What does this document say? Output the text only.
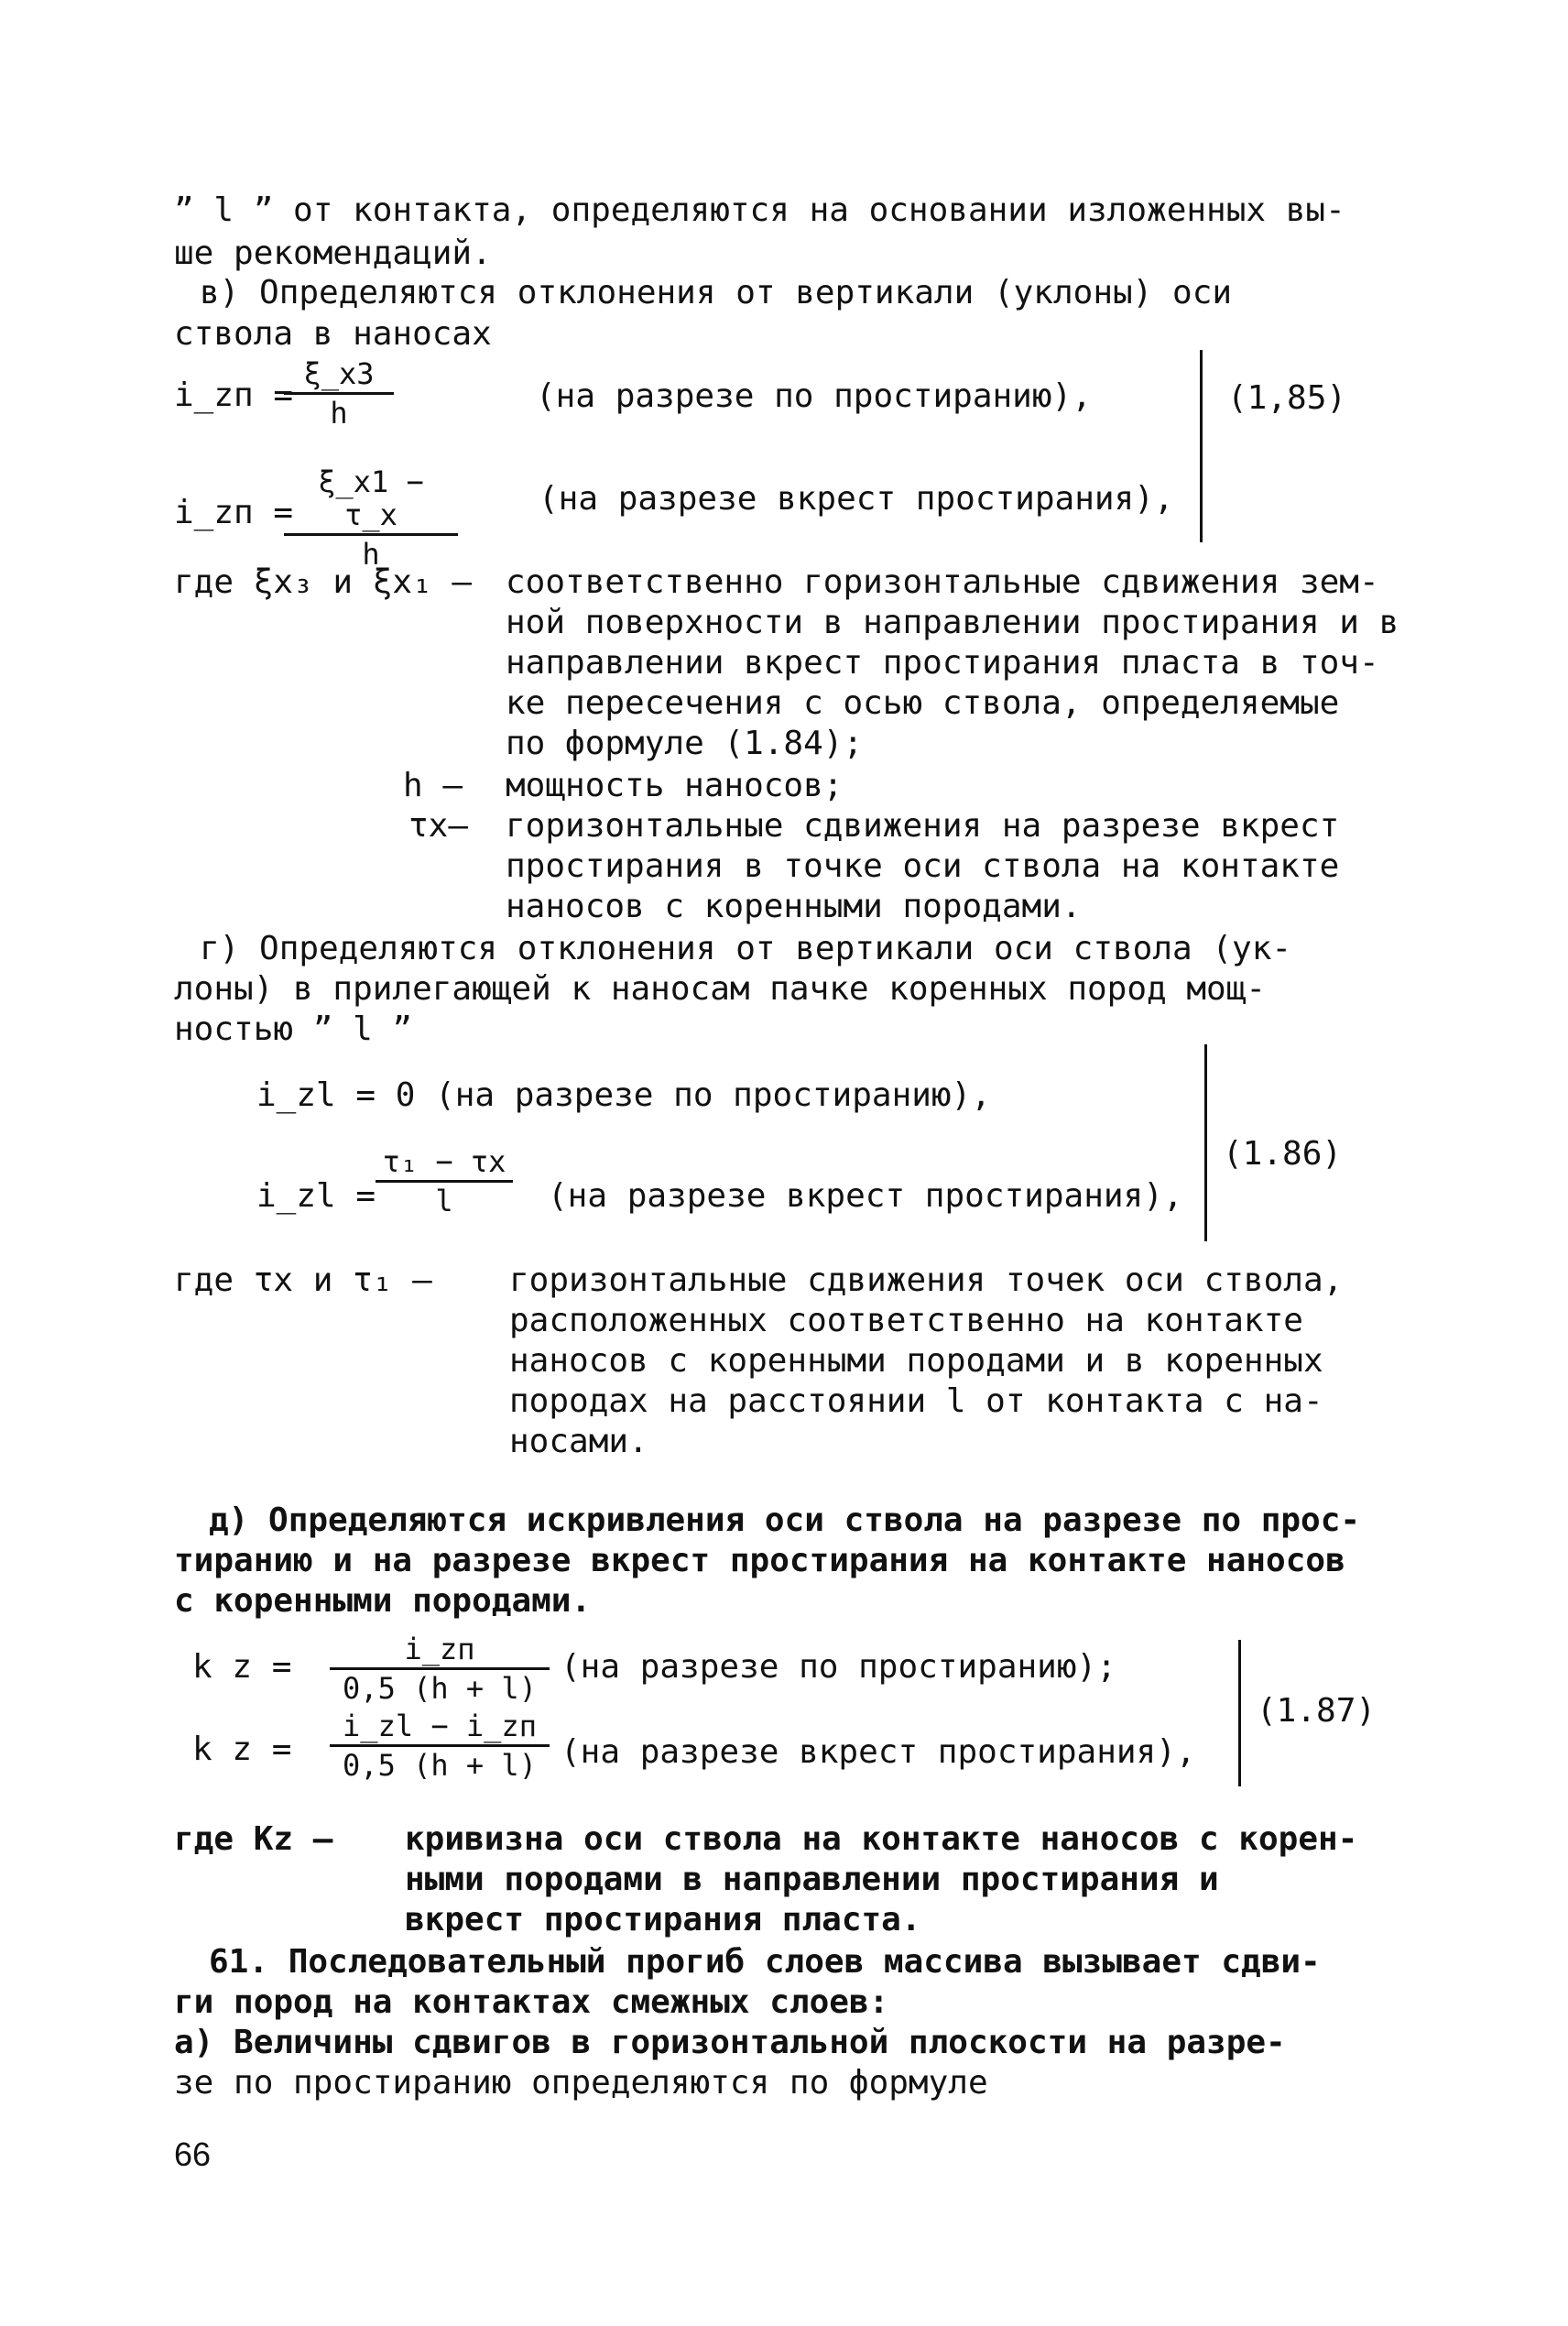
” l ” от контакта, определяются на основании изложенных вы-
ше рекомендаций.
в) Определяются отклонения от вертикали (уклоны) оси
ствола в наносах
i_zп =
$\frac{\xi\_x3}{h}$	(на разрезе по простиранию),
i_zп =
$\frac{\xi\_x1 - \tau\_x}{h} (на$ разрезе вкрест простирания),
(1,85)
где ξx₃ и ξx₁ – соответственно горизонтальные сдвижения зем-
ной поверхности в направлении простирания и в
направлении вкрест простирания пласта в точ-
ке пересечения с осью ствола, определяемые
по формуле (1.84);
h – мощность наносов;
τx– горизонтальные сдвижения на разрезе вкрест
простирания в точке оси ствола на контакте
наносов с коренными породами.
г) Определяются отклонения от вертикали оси ствола (ук-
лоны) в прилегающей к наносам пачке коренных пород мощ-
ностью ” l ”
i_zl = 0 (на разрезе по простиранию),
i_zl = $\frac{\text{τ₁ − τx}}{l} (на$ разрезе вкрест простирания),
(1.86)
где τx и τ₁ – горизонтальные сдвижения точек оси ствола,
расположенных соответственно на контакте
наносов с коренными породами и в коренных
породах на расстоянии l от контакта с на-
носами.
д) Определяются искривления оси ствола на разрезе по прос-
тиранию и на разрезе вкрест простирания на контакте наносов
с коренными породами.
k z =	i_zп
0,5 (h + l)
(на разрезе по простиранию);
k z =
i_zl − i_zп
0,5 (h + l) (на разрезе вкрест простирания),
(1.87)
где Kz – кривизна оси ствола на контакте наносов с корен-
ными породами в направлении простирания и
вкрест простирания пласта.
61. Последовательный прогиб слоев массива вызывает сдви-
ги пород на контактах смежных слоев:
а) Величины сдвигов в горизонтальной плоскости на разре-
зе по простиранию определяются по формуле
66
